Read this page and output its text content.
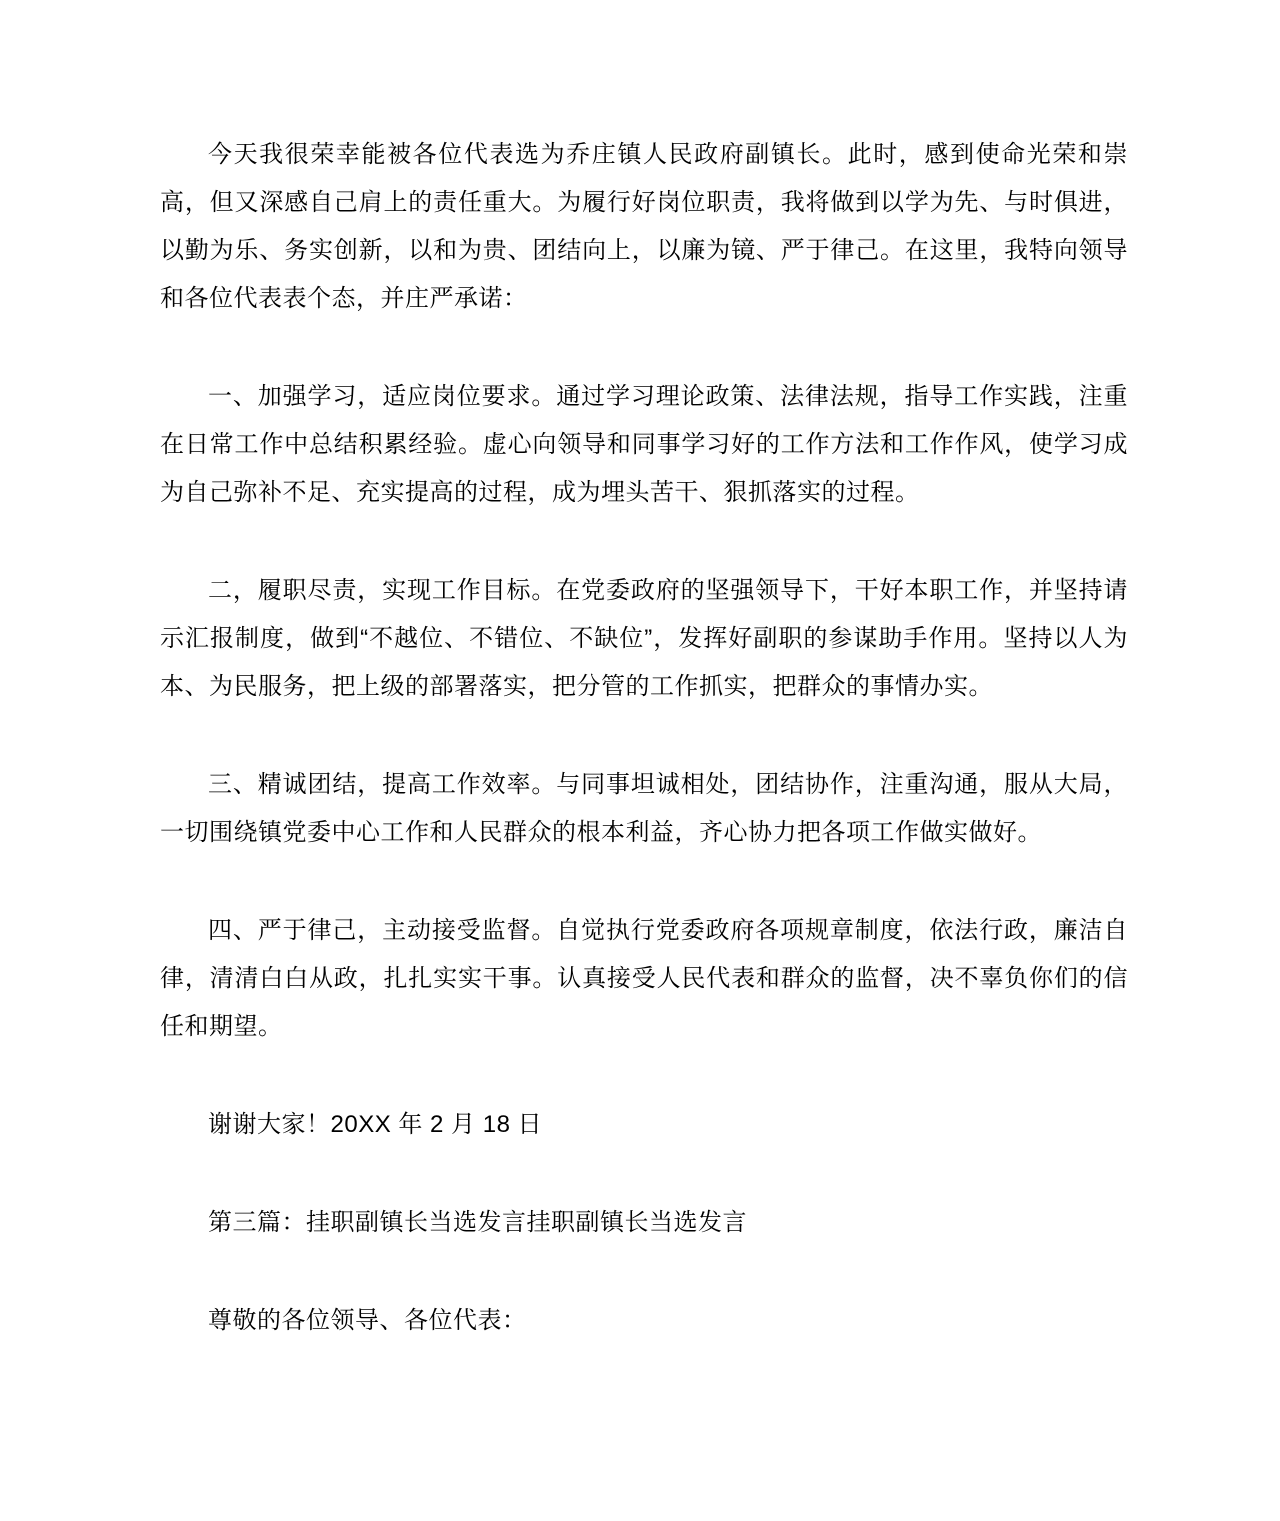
今天我很荣幸能被各位代表选为乔庄镇人民政府副镇长。此时，感到使命光荣和崇高，但又深感自己肩上的责任重大。为履行好岗位职责，我将做到以学为先、与时俱进，以勤为乐、务实创新，以和为贵、团结向上，以廉为镜、严于律己。在这里，我特向领导和各位代表表个态，并庄严承诺：

一、加强学习，适应岗位要求。通过学习理论政策、法律法规，指导工作实践，注重在日常工作中总结积累经验。虚心向领导和同事学习好的工作方法和工作作风，使学习成为自己弥补不足、充实提高的过程，成为埋头苦干、狠抓落实的过程。

二，履职尽责，实现工作目标。在党委政府的坚强领导下，干好本职工作，并坚持请示汇报制度，做到“不越位、不错位、不缺位”，发挥好副职的参谋助手作用。坚持以人为本、为民服务，把上级的部署落实，把分管的工作抓实，把群众的事情办实。

三、精诚团结，提高工作效率。与同事坦诚相处，团结协作，注重沟通，服从大局，一切围绕镇党委中心工作和人民群众的根本利益，齐心协力把各项工作做实做好。

四、严于律己，主动接受监督。自觉执行党委政府各项规章制度，依法行政，廉洁自律，清清白白从政，扎扎实实干事。认真接受人民代表和群众的监督，决不辜负你们的信任和期望。

谢谢大家！20XX 年 2 月 18 日

第三篇：挂职副镇长当选发言挂职副镇长当选发言

尊敬的各位领导、各位代表：
